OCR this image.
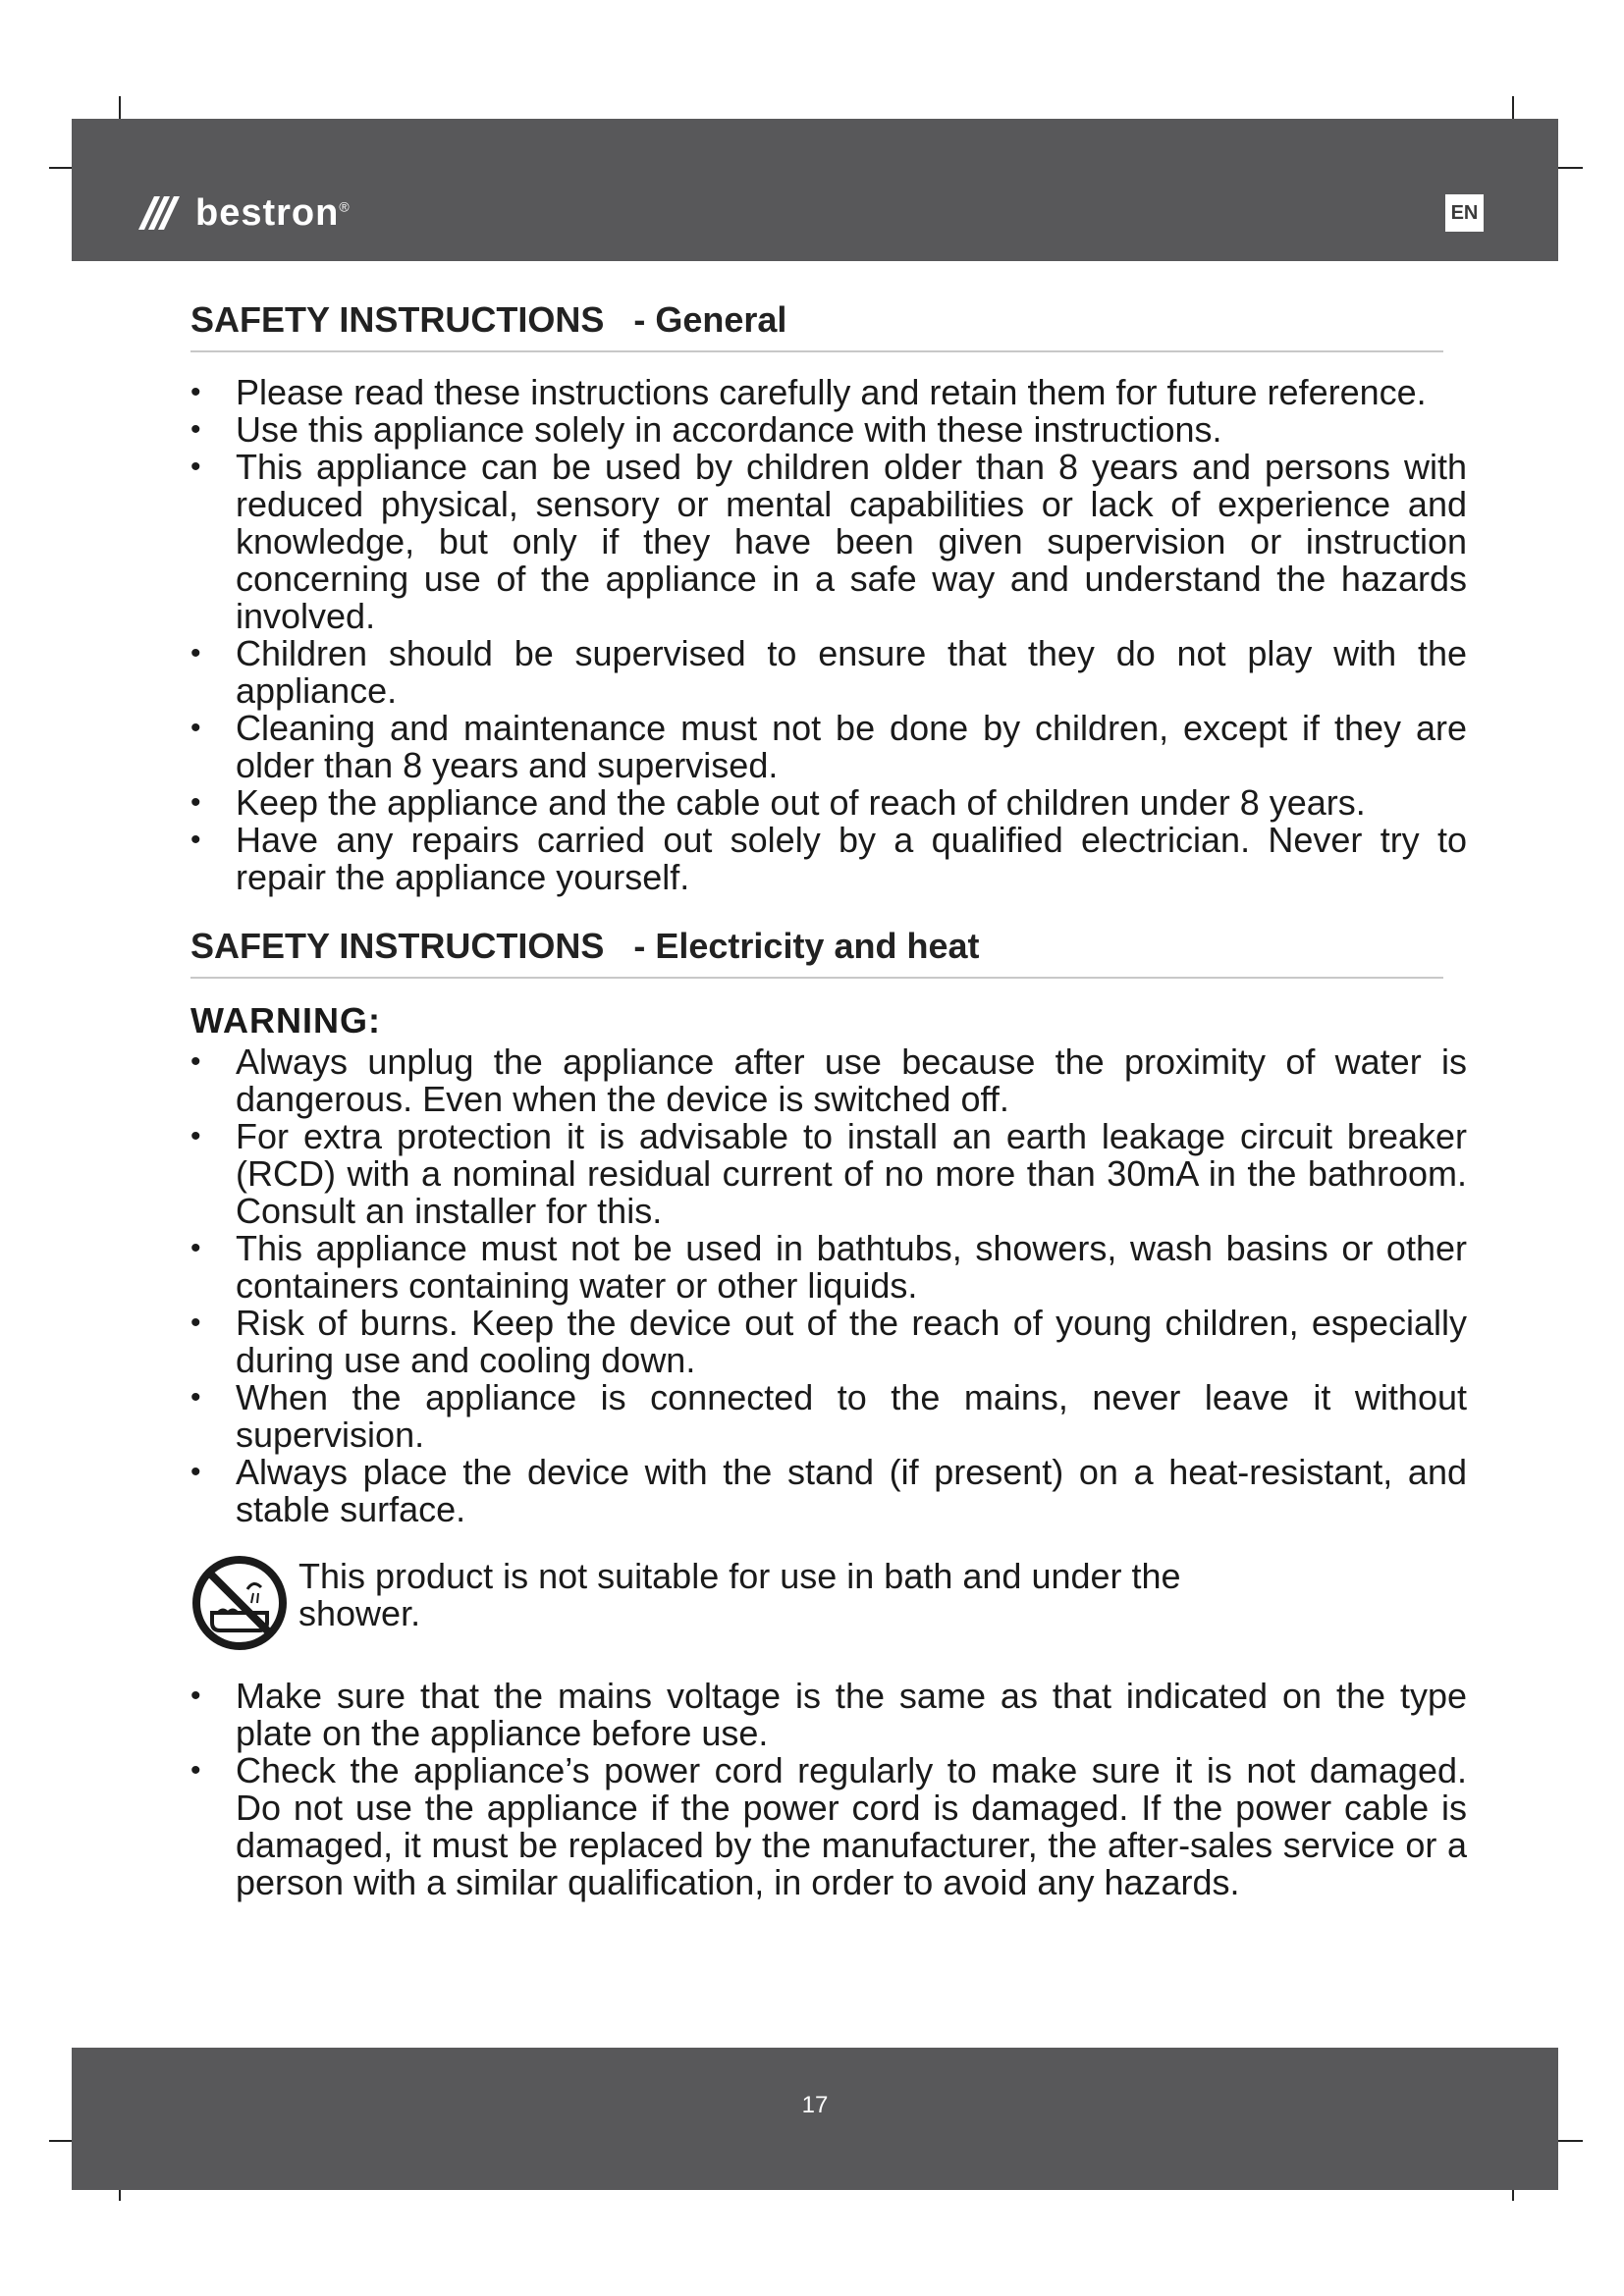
bestron®	EN
SAFETY INSTRUCTIONS   - General
• Please read these instructions carefully and retain them for future reference.
• Use this appliance solely in accordance with these instructions.
• This appliance can be used by children older than 8 years and persons with reduced physical, sensory or mental capabilities or lack of experience and knowledge, but only if they have been given supervision or instruction concerning use of the appliance in a safe way and understand the hazards involved.
• Children should be supervised to ensure that they do not play with the appliance.
• Cleaning and maintenance must not be done by children, except if they are older than 8 years and supervised.
• Keep the appliance and the cable out of reach of children under 8 years.
• Have any repairs carried out solely by a qualified electrician. Never try to repair the appliance yourself.
SAFETY INSTRUCTIONS   - Electricity and heat
WARNING:
• Always unplug the appliance after use because the proximity of water is dangerous. Even when the device is switched off.
• For extra protection it is advisable to install an earth leakage circuit breaker (RCD) with a nominal residual current of no more than 30mA in the bathroom. Consult an installer for this.
• This appliance must not be used in bathtubs, showers, wash basins or other containers containing water or other liquids.
• Risk of burns. Keep the device out of the reach of young children, especially during use and cooling down.
• When the appliance is connected to the mains, never leave it without supervision.
• Always place the device with the stand (if present) on a heat-resistant, and stable surface.
This product is not suitable for use in bath and under the shower.
• Make sure that the mains voltage is the same as that indicated on the type plate on the appliance before use.
• Check the appliance’s power cord regularly to make sure it is not damaged. Do not use the appliance if the power cord is damaged. If the power cable is damaged, it must be replaced by the manufacturer, the after-sales service or a person with a similar qualification, in order to avoid any hazards.
17
